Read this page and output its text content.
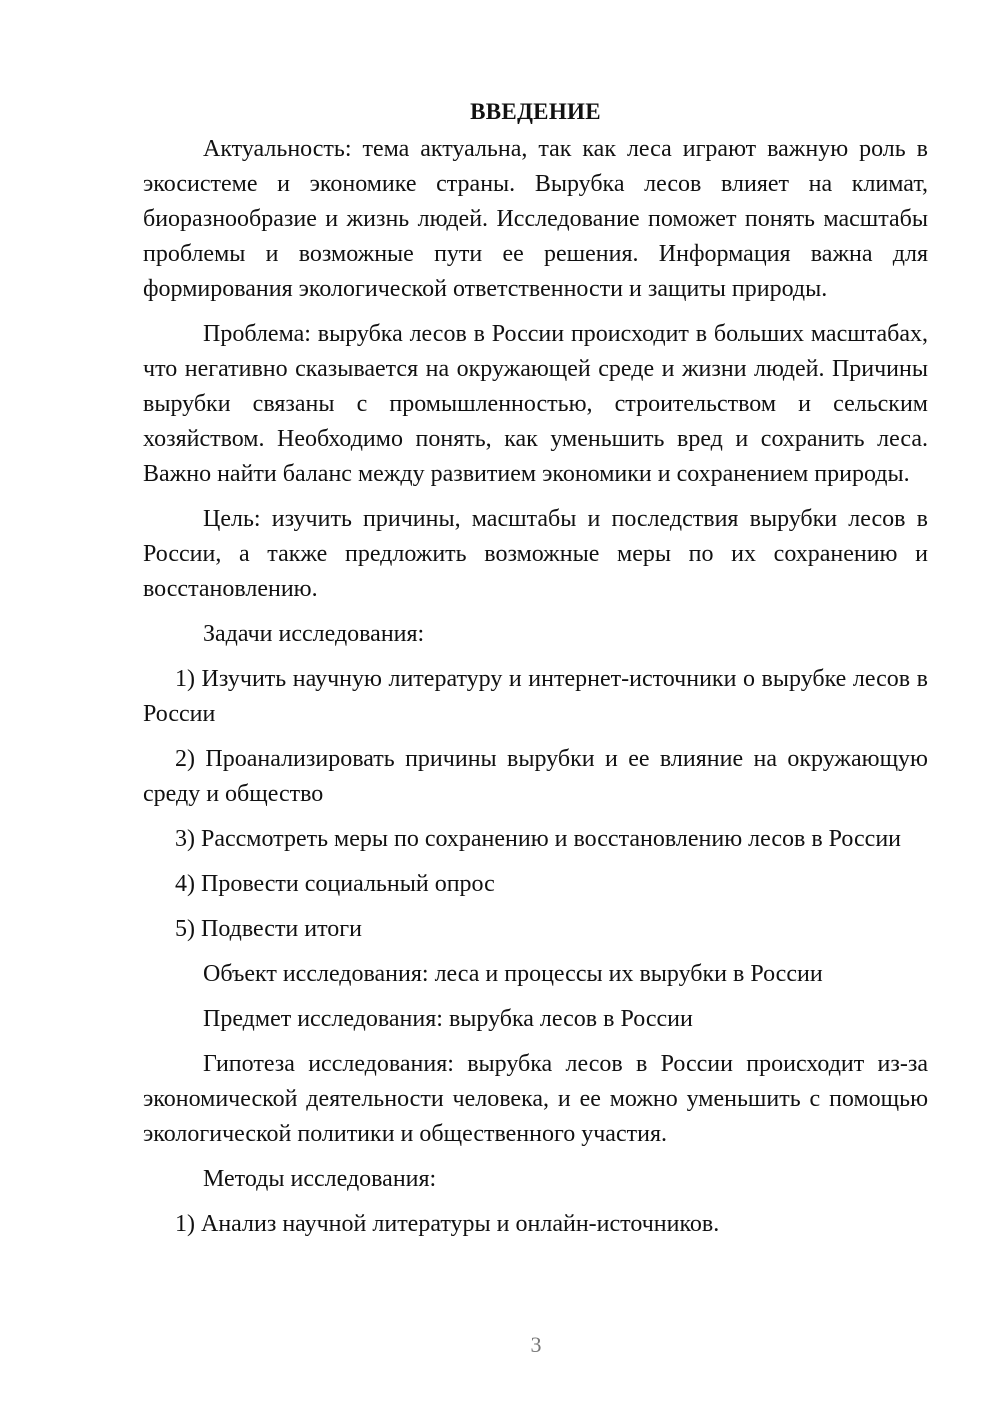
ВВЕДЕНИЕ

Актуальность: тема актуальна, так как леса играют важную роль в экосистеме и экономике страны. Вырубка лесов влияет на климат, биоразнообразие и жизнь людей. Исследование поможет понять масштабы проблемы и возможные пути ее решения. Информация важна для формирования экологической ответственности и защиты природы.

Проблема: вырубка лесов в России происходит в больших масштабах, что негативно сказывается на окружающей среде и жизни людей. Причины вырубки связаны с промышленностью, строительством и сельским хозяйством. Необходимо понять, как уменьшить вред и сохранить леса. Важно найти баланс между развитием экономики и сохранением природы.

Цель: изучить причины, масштабы и последствия вырубки лесов в России, а также предложить возможные меры по их сохранению и восстановлению.

Задачи исследования:

1) Изучить научную литературу и интернет-источники о вырубке лесов в России

2) Проанализировать причины вырубки и ее влияние на окружающую среду и общество

3) Рассмотреть меры по сохранению и восстановлению лесов в России

4) Провести социальный опрос

5) Подвести итоги

Объект исследования: леса и процессы их вырубки в России

Предмет исследования: вырубка лесов в России

Гипотеза исследования: вырубка лесов в России происходит из-за экономической деятельности человека, и ее можно уменьшить с помощью экологической политики и общественного участия.

Методы исследования:

1) Анализ научной литературы и онлайн-источников.

3
